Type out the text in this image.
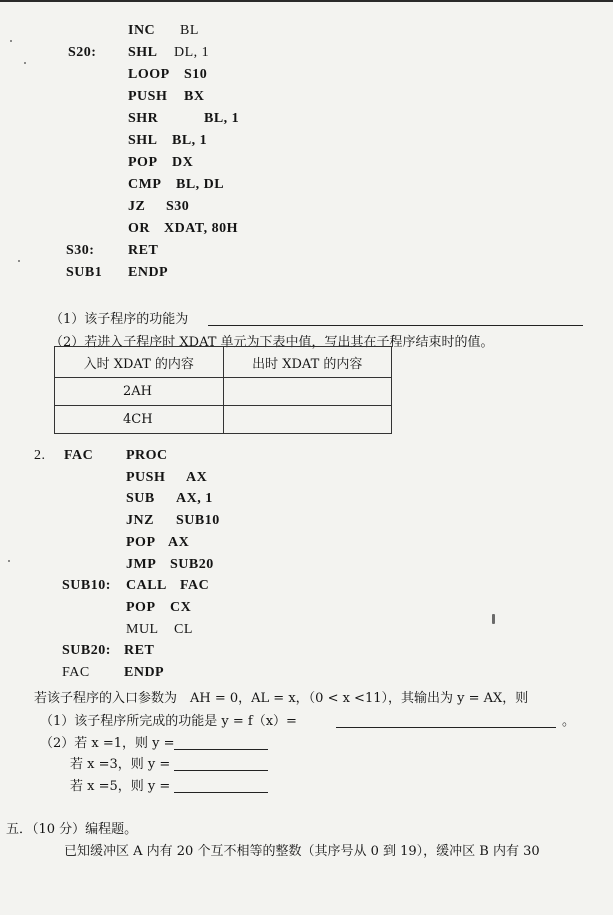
INC BL
S20: SHL DL, 1
LOOP S10
PUSH BX
SHR	BL, 1
SHL BL, 1
POP DX
CMP BL, DL
JZ S30
OR XDAT, 80H
S30: RET
SUB1 ENDP
（1）该子程序的功能为
（2）若进入子程序时 XDAT 单元为下表中值，写出其在子程序结束时的值。
入时 XDAT 的内容	出时 XDAT 的内容
2AH	
4CH	
2. FAC PROC
PUSH AX
SUB AX, 1
JNZ SUB10
POP AX
JMP SUB20
SUB10: CALL FAC
POP CX
MUL CL
SUB20: RET
FAC ENDP
若该子程序的入口参数为　AH = 0，AL = x，（0 < x <11），其输出为 y = AX，则
（1）该子程序所完成的功能是 y = f（x）=	。
（2）若 x =1，则 y =
若 x =3，则 y =
若 x =5，则 y =
五．（10 分）编程题。
已知缓冲区 A 内有 20 个互不相等的整数（其序号从 0 到 19），缓冲区 B 内有 30
